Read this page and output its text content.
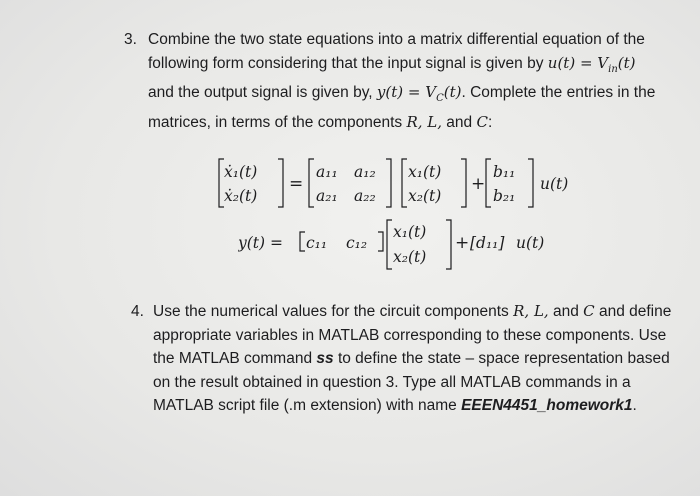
3. Combine the two state equations into a matrix differential equation of the
following form considering that the input signal is given by $u(t) = V_{in}(t)$
and the output signal is given by, $y(t) = V_C(t)$. Complete the entries in the
matrices, in terms of the components R, L, and C:
ẋ₁(t)
ẋ₂(t)
a₁₁ a₁₂
a₂₁ a₂₂
x₁(t)
x₂(t)
b₁₁
b₂₁
u(t)
=	+
y(t) = c₁₁ c₁₂
x₁(t)
x₂(t)
[d₁₁] u(t)
+
4. Use the numerical values for the circuit components R, L, and C and define
appropriate variables in MATLAB corresponding to these components. Use
the MATLAB command ss to define the state – space representation based
on the result obtained in question 3. Type all MATLAB commands in a
MATLAB script file (.m extension) with name EEEN4451_homework1.
